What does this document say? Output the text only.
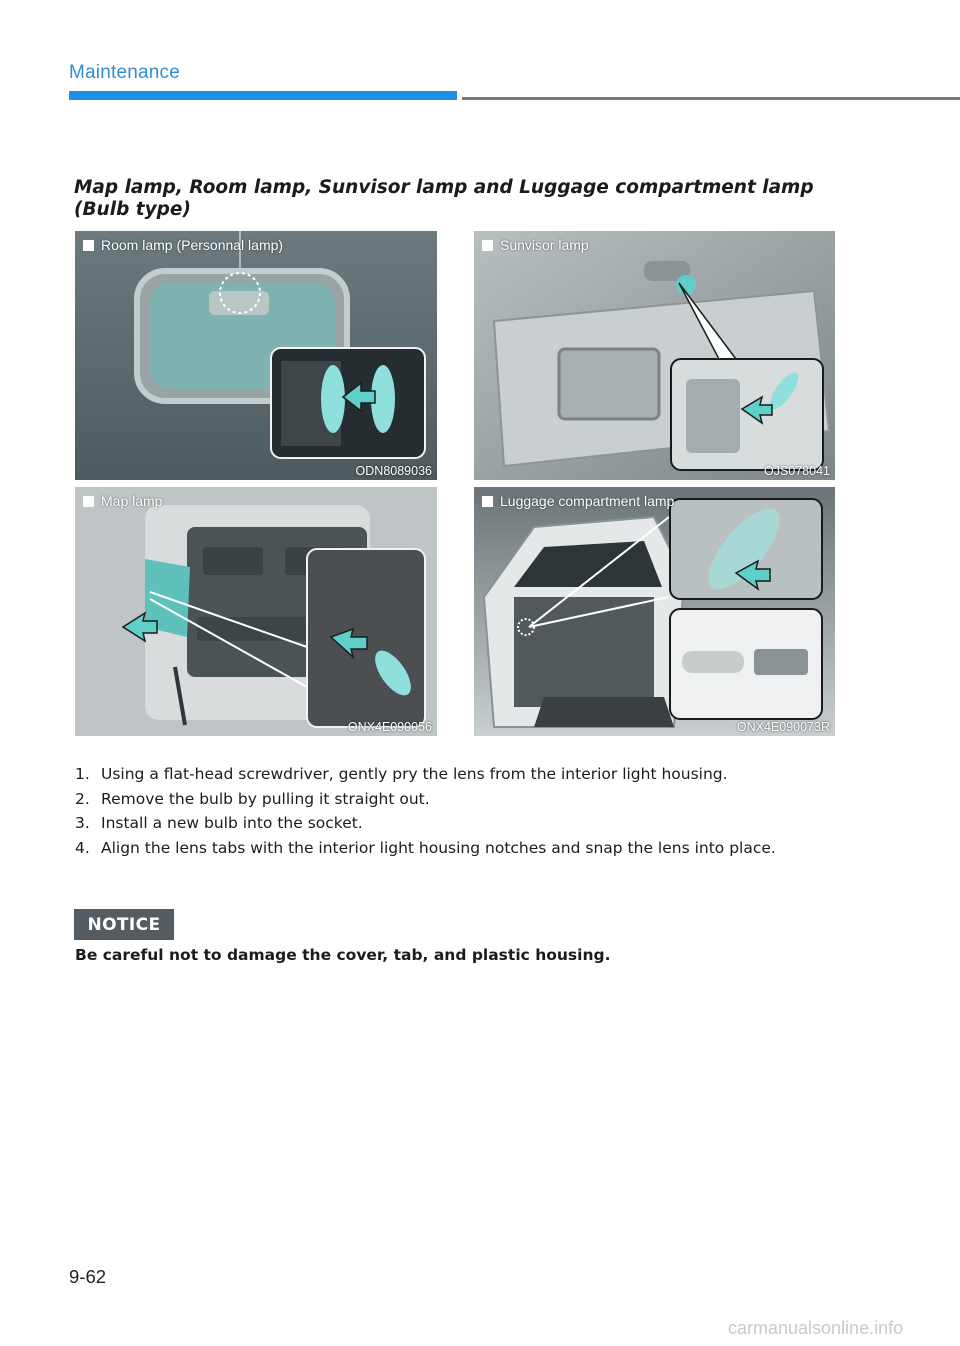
Maintenance
Map lamp, Room lamp, Sunvisor lamp and Luggage compartment lamp (Bulb type)
Room lamp (Personnal lamp)
ODN8089036
Sunvisor lamp
OJS078041
Map lamp
ONX4E090056
Luggage compartment lamp
ONX4E090073R
1. Using a flat-head screwdriver, gently pry the lens from the interior light housing.
2. Remove the bulb by pulling it straight out.
3. Install a new bulb into the socket.
4. Align the lens tabs with the interior light housing notches and snap the lens into place.
NOTICE
Be careful not to damage the cover, tab, and plastic housing.
9-62
carmanualsonline.info
